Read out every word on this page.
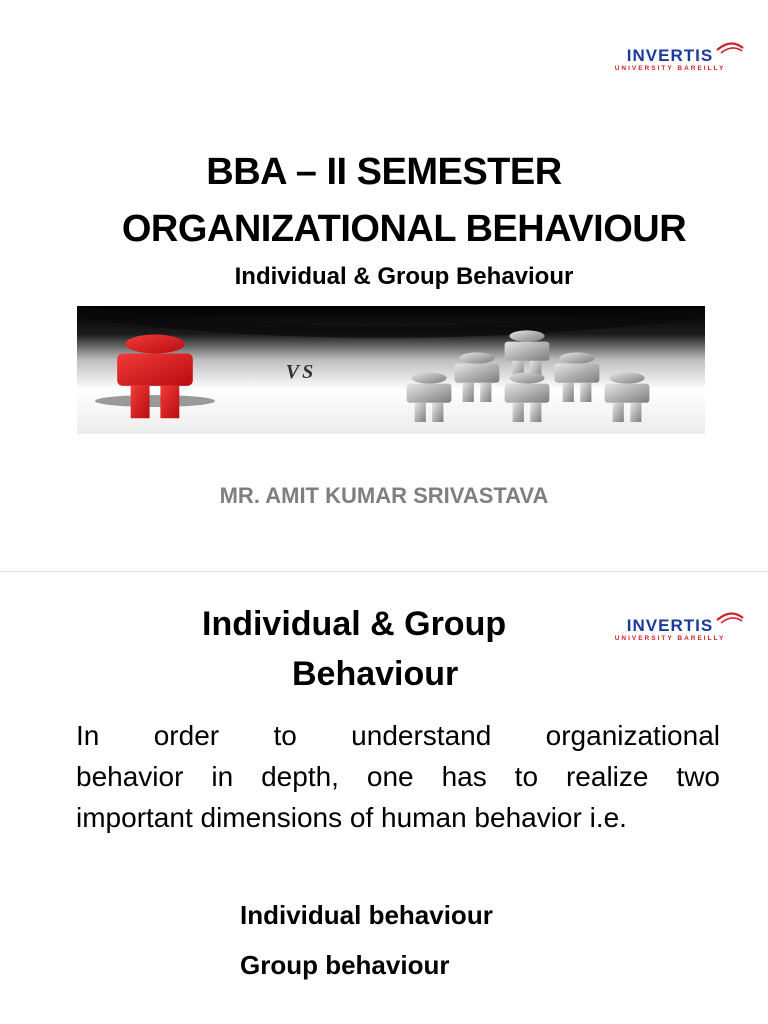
INVERTIS
UNIVERSITY BAREILLY
BBA – II SEMESTER
ORGANIZATIONAL BEHAVIOUR
Individual & Group Behaviour
VS
MR. AMIT KUMAR SRIVASTAVA
INVERTIS
UNIVERSITY BAREILLY
Individual & Group
Behaviour
In order to understand organizational
behavior in depth, one has to realize two
important dimensions of human behavior i.e.
Individual behaviour
Group behaviour
